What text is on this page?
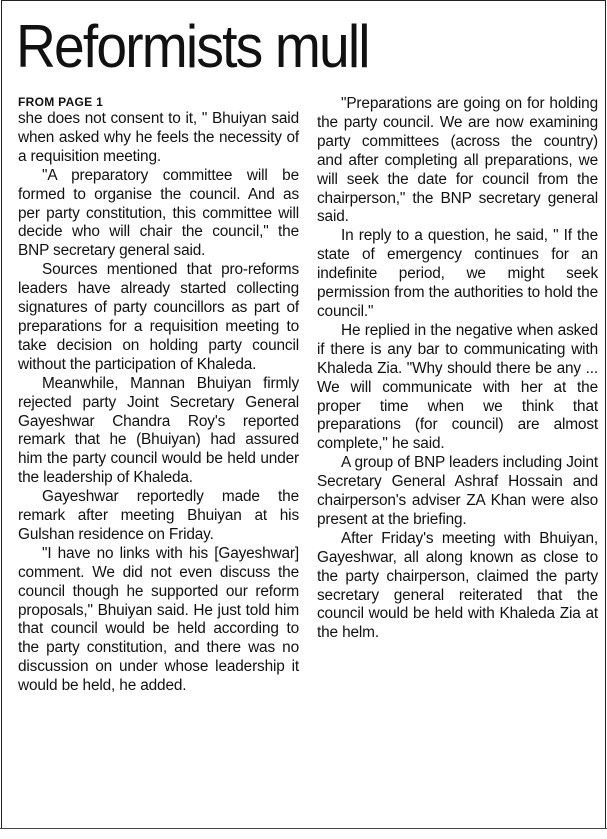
Reformists mull
FROM PAGE 1

she does not consent to it, " Bhuiyan said when asked why he feels the necessity of a requisition meeting.

"A preparatory committee will be formed to organise the council. And as per party constitution, this committee will decide who will chair the council," the BNP secretary general said.

Sources mentioned that pro-reforms leaders have already started collecting signatures of party councillors as part of preparations for a requisition meeting to take decision on holding party council without the participation of Khaleda.

Meanwhile, Mannan Bhuiyan firmly rejected party Joint Secretary General Gayeshwar Chandra Roy's reported remark that he (Bhuiyan) had assured him the party council would be held under the leadership of Khaleda.

Gayeshwar reportedly made the remark after meeting Bhuiyan at his Gulshan residence on Friday.

"I have no links with his [Gayeshwar] comment. We did not even discuss the council though he supported our reform proposals," Bhuiyan said. He just told him that council would be held according to the party constitution, and there was no discussion on under whose leadership it would be held, he added.

"Preparations are going on for holding the party council. We are now examining party committees (across the country) and after completing all preparations, we will seek the date for council from the chairperson," the BNP secretary general said.

In reply to a question, he said, " If the state of emergency continues for an indefinite period, we might seek permission from the authorities to hold the council."

He replied in the negative when asked if there is any bar to communicating with Khaleda Zia. "Why should there be any ... We will communicate with her at the proper time when we think that preparations (for council) are almost complete," he said.

A group of BNP leaders including Joint Secretary General Ashraf Hossain and chairperson's adviser ZA Khan were also present at the briefing.

After Friday's meeting with Bhuiyan, Gayeshwar, all along known as close to the party chairperson, claimed the party secretary general reiterated that the council would be held with Khaleda Zia at the helm.
